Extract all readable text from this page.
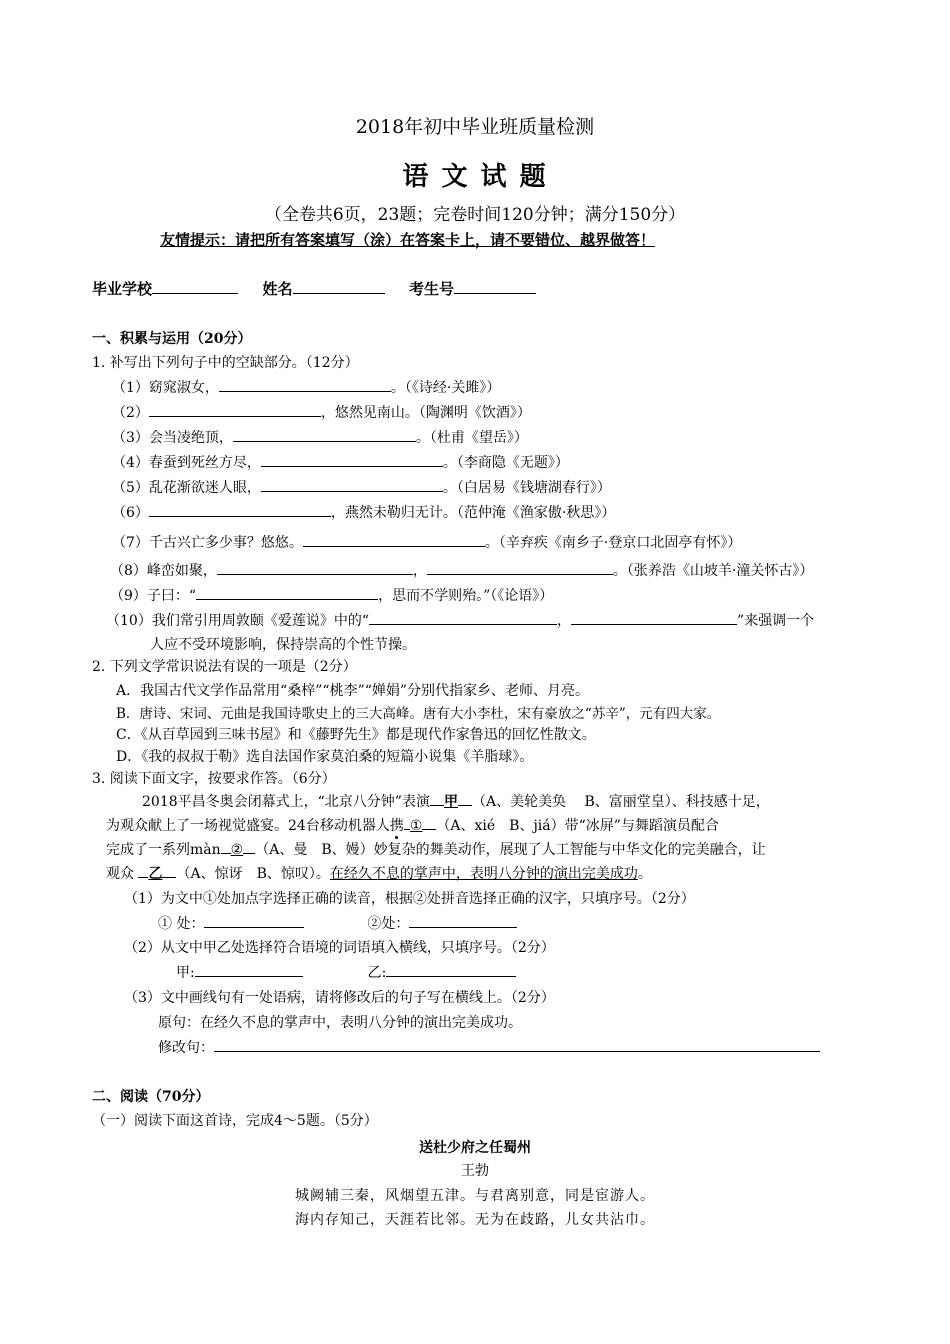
2018年初中毕业班质量检测
语 文 试 题
（全卷共6页，23题；完卷时间120分钟；满分150分）
友情提示：请把所有答案填写（涂）在答案卡上，请不要错位、越界做答！
毕业学校	姓名	考生号
一、积累与运用（20分）
1. 补写出下列句子中的空缺部分。（12分）
（1）窈窕淑女，	。（《诗经·关雎》）
（2）	，悠然见南山。（陶渊明《饮酒》）
（3）会当凌绝顶，	。（杜甫《望岳》）
（4）春蚕到死丝方尽，	。（李商隐《无题》）
（5）乱花渐欲迷人眼，	。（白居易《钱塘湖春行》）
（6）	，燕然未勒归无计。（范仲淹《渔家傲·秋思》）
（7）千古兴亡多少事？悠悠。	。（辛弃疾《南乡子·登京口北固亭有怀》）
（8）峰峦如聚，	，	。（张养浩《山坡羊·潼关怀古》）
（9）子曰：“	，思而不学则殆。”（《论语》）
（10）我们常引用周敦颐《爱莲说》中的“	，	”来强调一个
人应不受环境影响，保持崇高的个性节操。
2. 下列文学常识说法有误的一项是（2分）
A．我国古代文学作品常用“桑梓”“桃李”“婵娟”分别代指家乡、老师、月亮。
B．唐诗、宋词、元曲是我国诗歌史上的三大高峰。唐有大小李杜，宋有豪放之“苏辛”，元有四大家。
C．《从百草园到三味书屋》和《藤野先生》都是现代作家鲁迅的回忆性散文。
D．《我的叔叔于勒》选自法国作家莫泊桑的短篇小说集《羊脂球》。
3. 阅读下面文字，按要求作答。（6分）
2018平昌冬奥会闭幕式上，“北京八分钟”表演 甲 （A、美轮美奂　 B、富丽堂皇）、科技感十足，
为观众献上了一场视觉盛宴。24台移动机器人携 ① （A、xié　B、jiá）带“冰屏”与舞蹈演员配合
完成了一系列màn ② （A、曼　B、嫚）妙复杂的舞美动作，展现了人工智能与中华文化的完美融合，让
观众 乙 （A、惊讶　B、惊叹）。在经久不息的掌声中，表明八分钟的演出完美成功。
（1）为文中①处加点字选择正确的读音，根据②处拼音选择正确的汉字，只填序号。（2分）
① 处：	②处：
（2）从文中甲乙处选择符合语境的词语填入横线，只填序号。（2分）
甲:	乙:
（3）文中画线句有一处语病，请将修改后的句子写在横线上。（2分）
原句：在经久不息的掌声中，表明八分钟的演出完美成功。
修改句：
二、阅读（70分）
（一）阅读下面这首诗，完成4～5题。（5分）
送杜少府之任蜀州
王勃
城阙辅三秦，风烟望五津。与君离别意，同是宦游人。
海内存知己，天涯若比邻。无为在歧路，儿女共沾巾。
